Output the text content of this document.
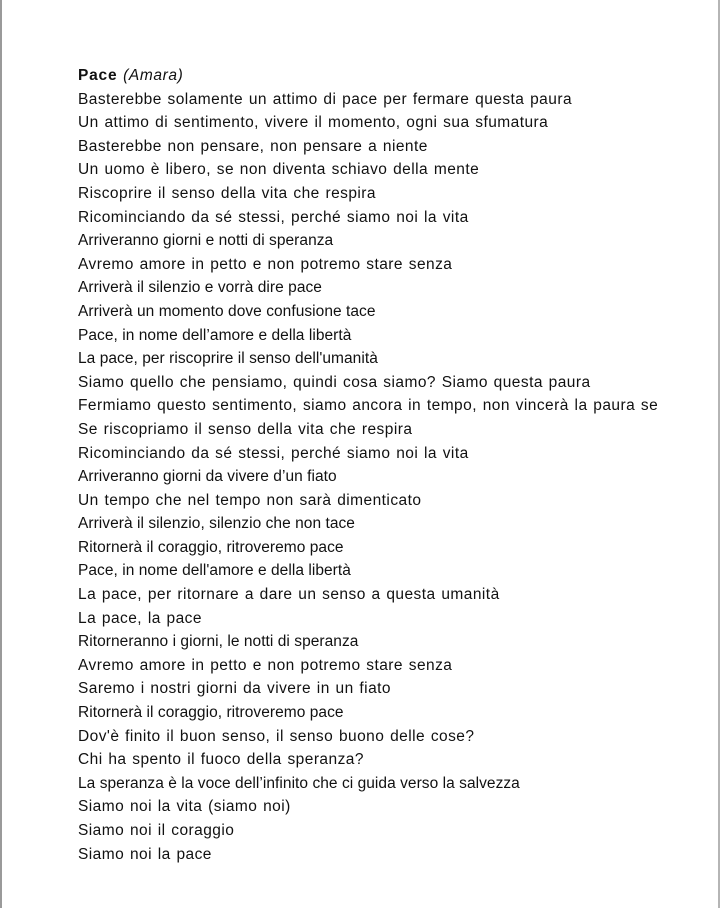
Pace (Amara)
Basterebbe solamente un attimo di pace per fermare questa paura
Un attimo di sentimento, vivere il momento, ogni sua sfumatura
Basterebbe non pensare, non pensare a niente
Un uomo è libero, se non diventa schiavo della mente
Riscoprire il senso della vita che respira
Ricominciando da sé stessi, perché siamo noi la vita
Arriveranno giorni e notti di speranza
Avremo amore in petto e non potremo stare senza
Arriverà il silenzio e vorrà dire pace
Arriverà un momento dove confusione tace
Pace, in nome dell’amore e della libertà
La pace, per riscoprire il senso dell'umanità
Siamo quello che pensiamo, quindi cosa siamo? Siamo questa paura
Fermiamo questo sentimento, siamo ancora in tempo, non vincerà la paura se
Se riscopriamo il senso della vita che respira
Ricominciando da sé stessi, perché siamo noi la vita
Arriveranno giorni da vivere d’un fiato
Un tempo che nel tempo non sarà dimenticato
Arriverà il silenzio, silenzio che non tace
Ritornerà il coraggio, ritroveremo pace
Pace, in nome dell'amore e della libertà
La pace, per ritornare a dare un senso a questa umanità
La pace, la pace
Ritorneranno i giorni, le notti di speranza
Avremo amore in petto e non potremo stare senza
Saremo i nostri giorni da vivere in un fiato
Ritornerà il coraggio, ritroveremo pace
Dov'è finito il buon senso, il senso buono delle cose?
Chi ha spento il fuoco della speranza?
La speranza è la voce dell’infinito che ci guida verso la salvezza
Siamo noi la vita (siamo noi)
Siamo noi il coraggio
Siamo noi la pace
